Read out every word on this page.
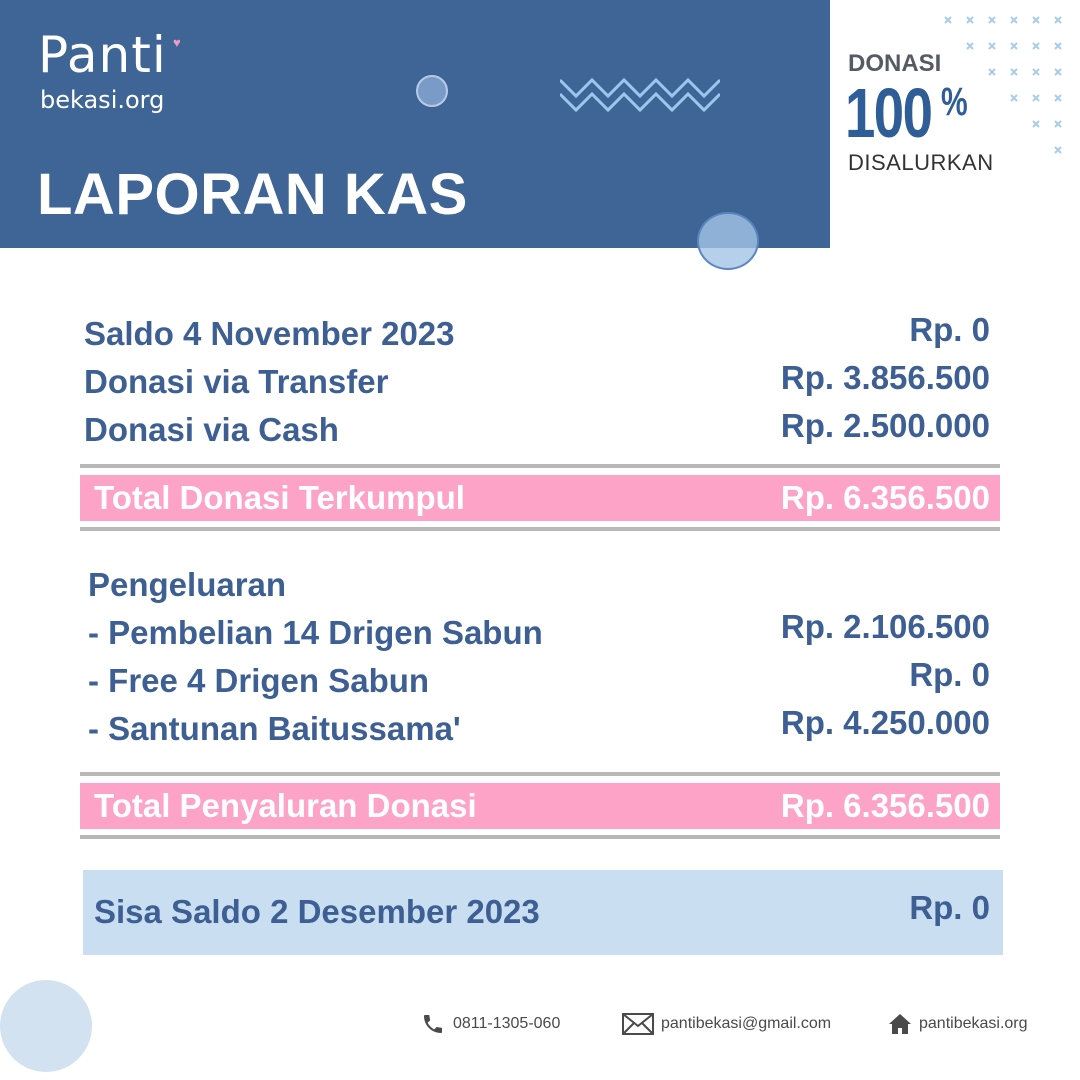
Panti ♥
bekasi.org
LAPORAN KAS
DONASI
100 %
DISALURKAN
Saldo 4 November 2023	Rp. 0
Donasi via Transfer	Rp. 3.856.500
Donasi via Cash	Rp. 2.500.000
Total Donasi Terkumpul	Rp. 6.356.500
Pengeluaran
- Pembelian 14 Drigen Sabun	Rp. 2.106.500
- Free 4 Drigen Sabun	Rp. 0
- Santunan Baitussama'	Rp. 4.250.000
Total Penyaluran Donasi	Rp. 6.356.500
Sisa Saldo 2 Desember 2023	Rp. 0
0811-1305-060	pantibekasi@gmail.com	pantibekasi.org
